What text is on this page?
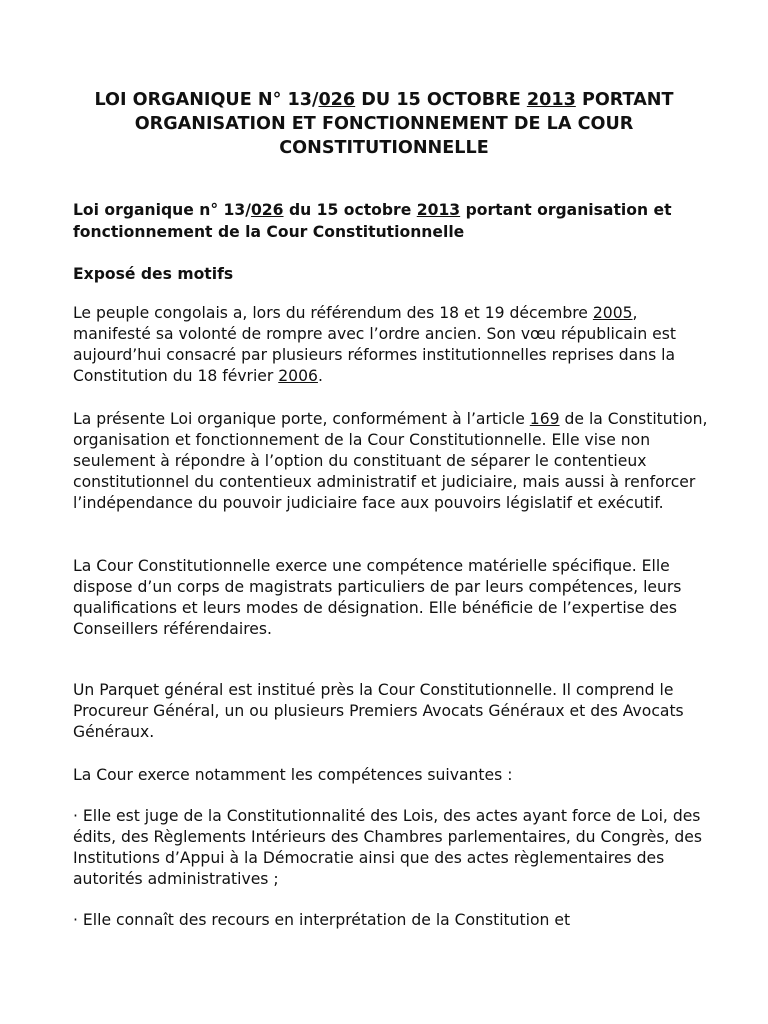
LOI ORGANIQUE N° 13/026 DU 15 OCTOBRE 2013 PORTANT ORGANISATION ET FONCTIONNEMENT DE LA COUR CONSTITUTIONNELLE
Loi organique n° 13/026 du 15 octobre 2013 portant organisation et fonctionnement de la Cour Constitutionnelle
Exposé des motifs
Le peuple congolais a, lors du référendum des 18 et 19 décembre 2005, manifesté sa volonté de rompre avec l’ordre ancien. Son vœu républicain est aujourd’hui consacré par plusieurs réformes institutionnelles reprises dans la Constitution du 18 février 2006.
La présente Loi organique porte, conformément à l’article 169 de la Constitution, organisation et fonctionnement de la Cour Constitutionnelle. Elle vise non seulement à répondre à l’option du constituant de séparer le contentieux constitutionnel du contentieux administratif et judiciaire, mais aussi à renforcer l’indépendance du pouvoir judiciaire face aux pouvoirs législatif et exécutif.
La Cour Constitutionnelle exerce une compétence matérielle spécifique. Elle dispose d’un corps de magistrats particuliers de par leurs compétences, leurs qualifications et leurs modes de désignation. Elle bénéficie de l’expertise des Conseillers référendaires.
Un Parquet général est institué près la Cour Constitutionnelle. Il comprend le Procureur Général, un ou plusieurs Premiers Avocats Généraux et des Avocats Généraux.
La Cour exerce notamment les compétences suivantes :
· Elle est juge de la Constitutionnalité des Lois, des actes ayant force de Loi, des édits, des Règlements Intérieurs des Chambres parlementaires, du Congrès, des Institutions d’Appui à la Démocratie ainsi que des actes règlementaires des autorités administratives ;
· Elle connaît des recours en interprétation de la Constitution et
